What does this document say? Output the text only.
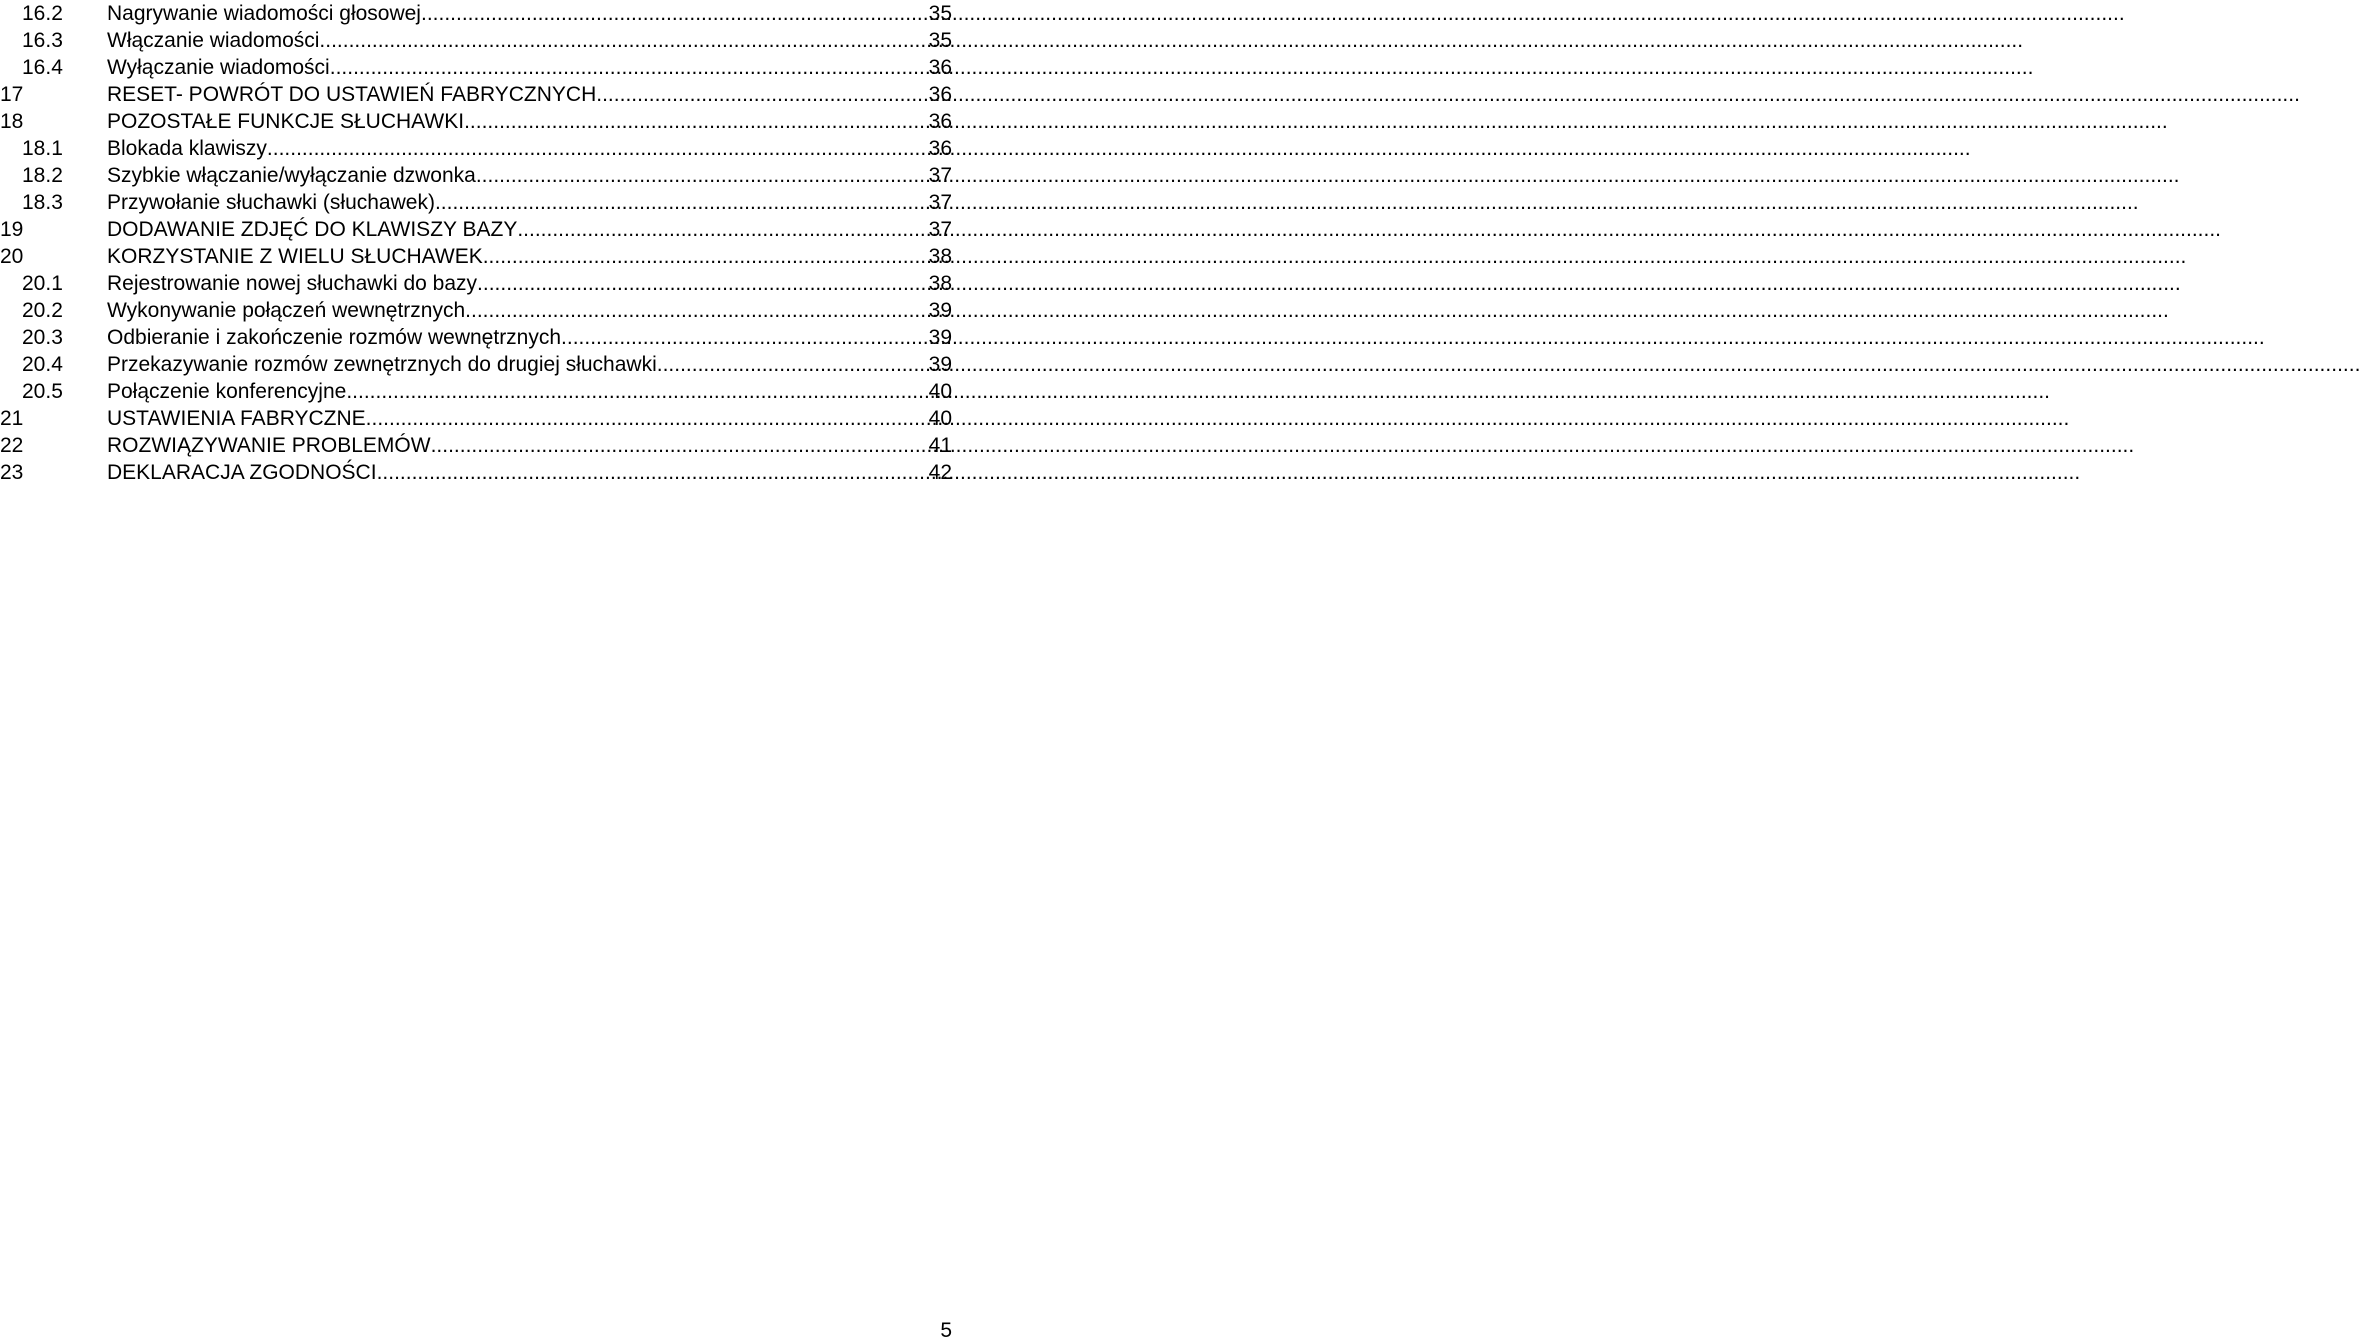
16.2	Nagrywanie wiadomości głosowej .....	35
16.3	Włączanie wiadomości .....	35
16.4	Wyłączanie wiadomości .....	36
17	RESET- POWRÓT DO USTAWIEŃ FABRYCZNYCH .....	36
18	POZOSTAŁE FUNKCJE SŁUCHAWKI .....	36
18.1	Blokada klawiszy .....	36
18.2	Szybkie włączanie/wyłączanie dzwonka .....	37
18.3	Przywołanie słuchawki (słuchawek) .....	37
19	DODAWANIE ZDJĘĆ DO KLAWISZY BAZY .....	37
20	KORZYSTANIE Z WIELU SŁUCHAWEK .....	38
20.1	Rejestrowanie nowej słuchawki do bazy .....	38
20.2	Wykonywanie połączeń wewnętrznych .....	39
20.3	Odbieranie i zakończenie rozmów wewnętrznych .....	39
20.4	Przekazywanie rozmów zewnętrznych do drugiej słuchawki .....	39
20.5	Połączenie konferencyjne .....	40
21	USTAWIENIA FABRYCZNE .....	40
22	ROZWIĄZYWANIE PROBLEMÓW .....	41
23	DEKLARACJA ZGODNOŚCI .....	42
5
